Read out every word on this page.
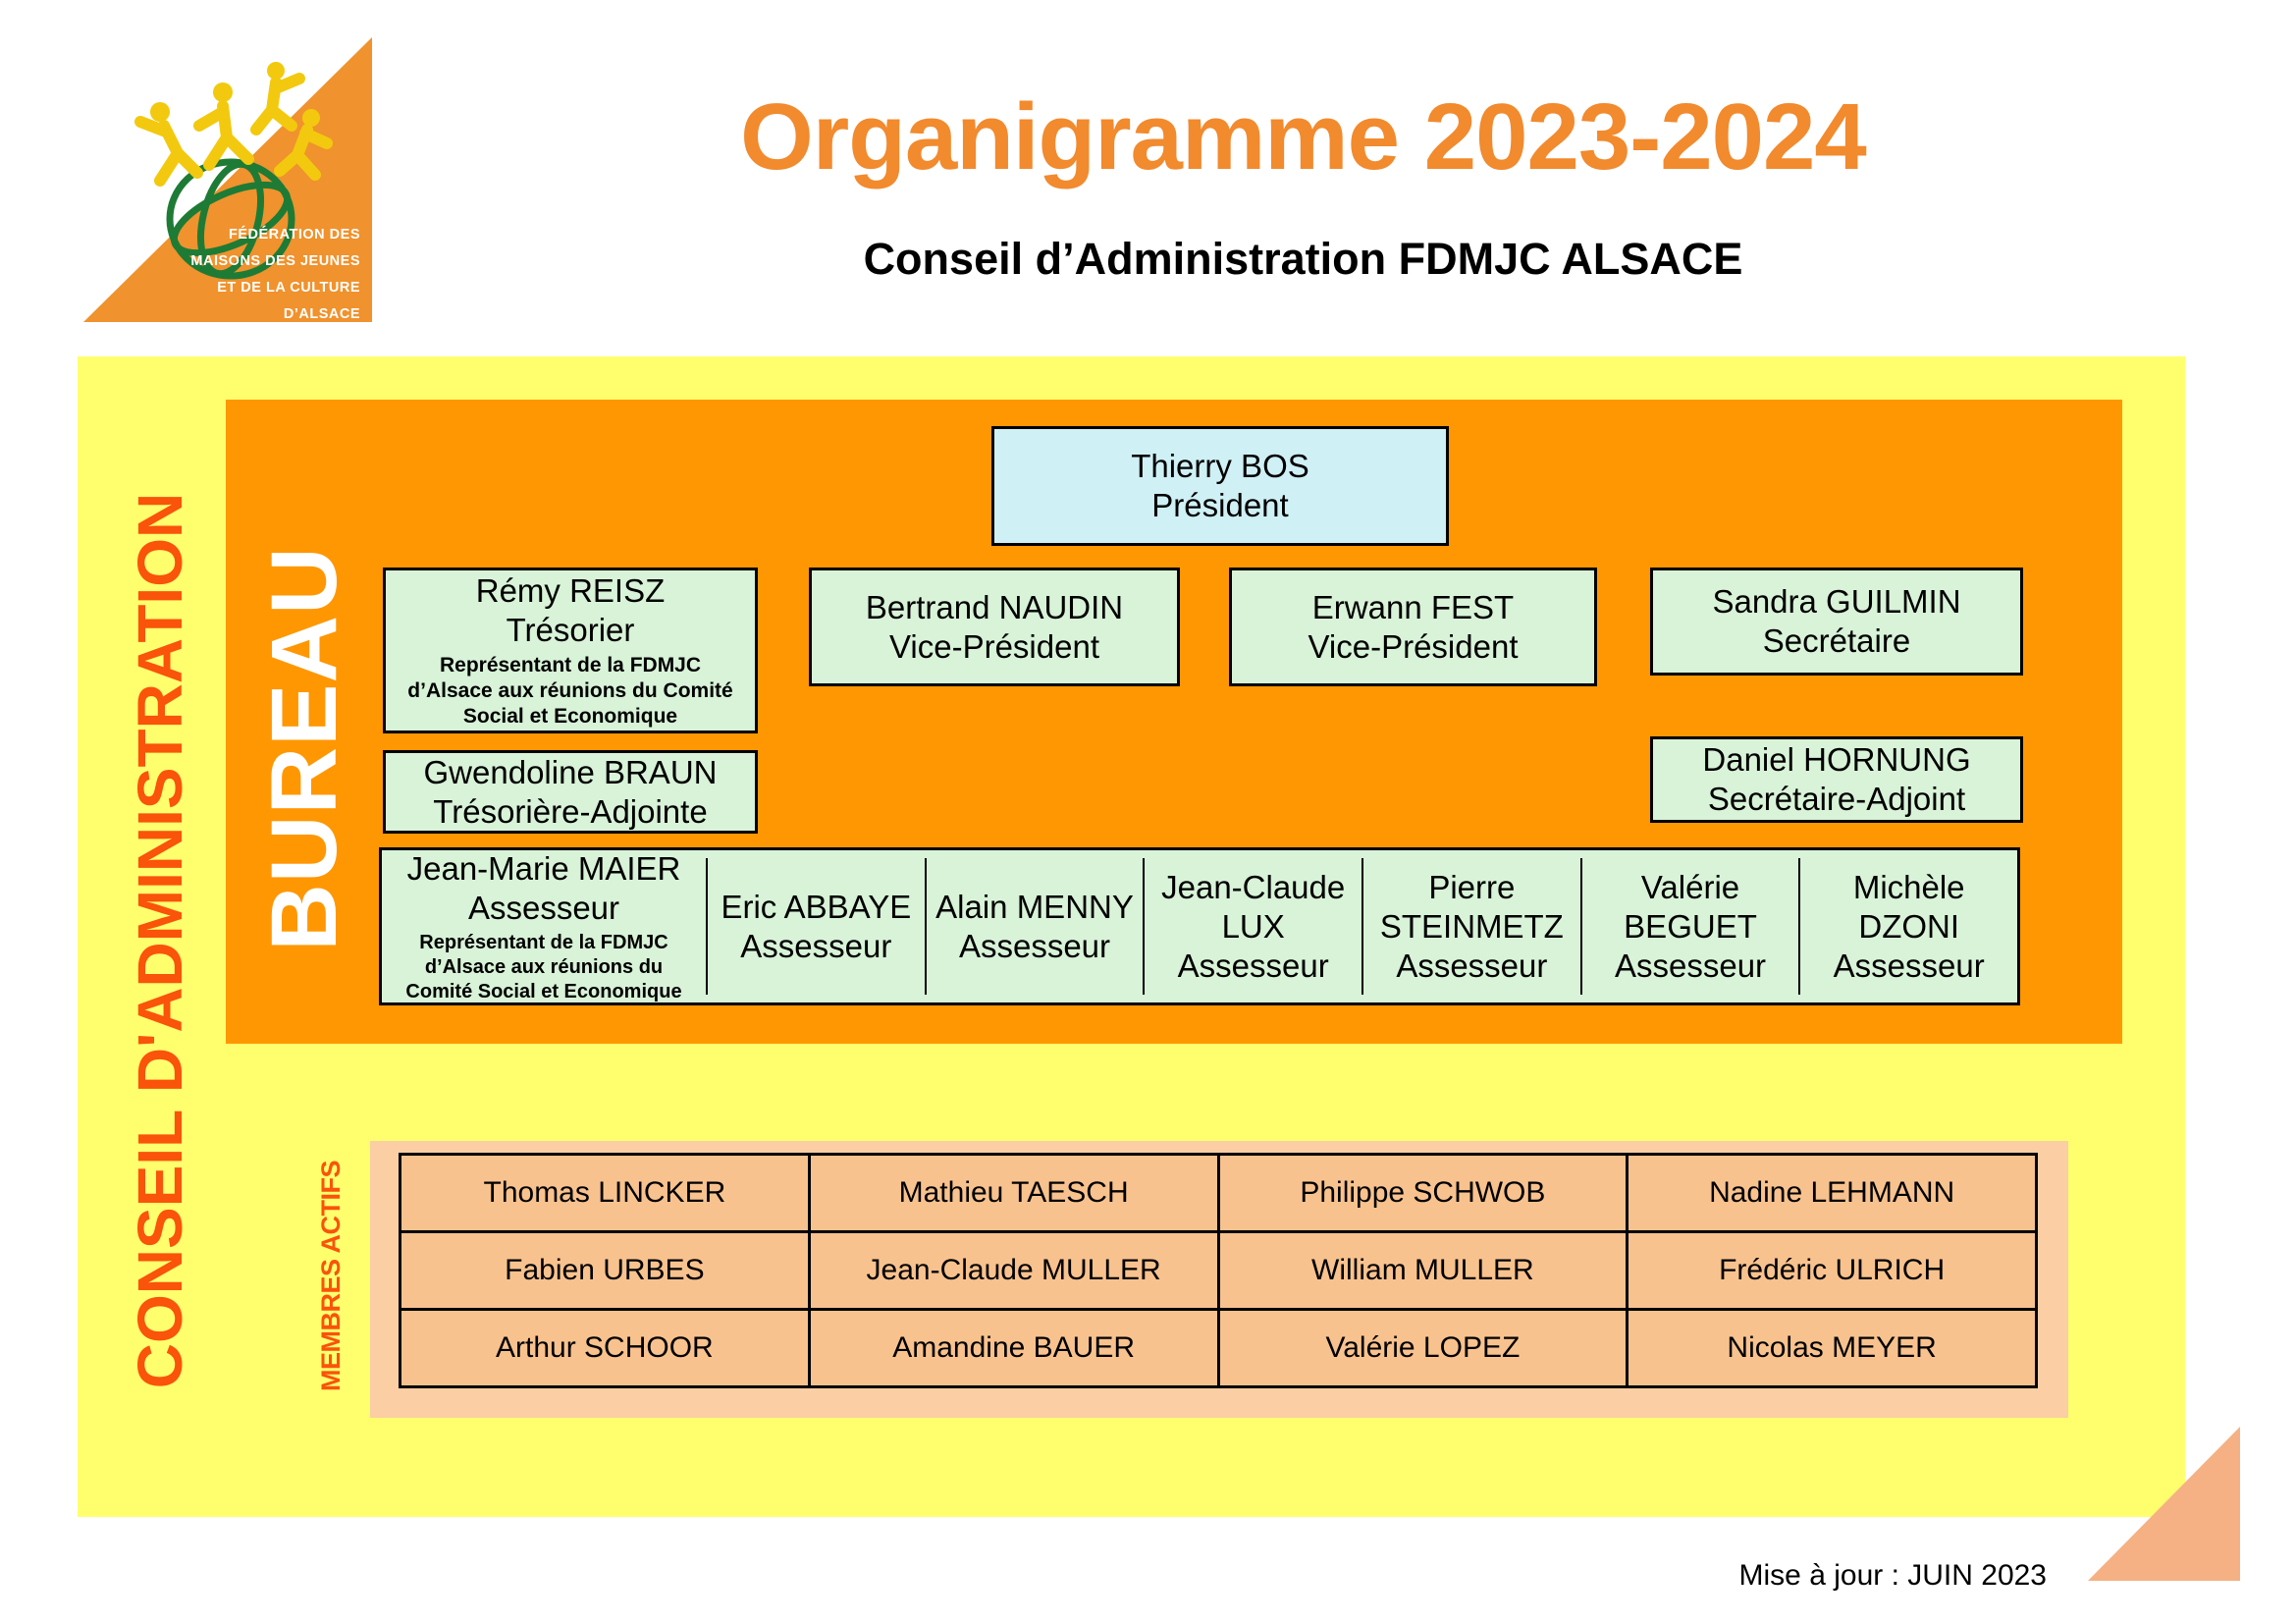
FÉDÉRATION DES
MAISONS DES JEUNES
ET DE LA CULTURE
D’ALSACE
Organigramme 2023-2024
Conseil d’Administration FDMJC ALSACE
CONSEIL D'ADMINISTRATION BUREAU
Thierry BOS
Président
Rémy REISZ
Trésorier
Représentant de la FDMJC d’Alsace aux réunions du Comité Social et Economique
Bertrand NAUDIN
Vice-Président
Erwann FEST
Vice-Président
Sandra GUILMIN
Secrétaire
Gwendoline BRAUN
Trésorière-Adjointe
Daniel HORNUNG
Secrétaire-Adjoint
Jean-Marie MAIER
Assesseur
Représentant de la FDMJC d’Alsace aux réunions du Comité Social et Economique
Eric ABBAYE
Assesseur
Alain MENNY
Assesseur
Jean-Claude LUX
Assesseur
Pierre STEINMETZ
Assesseur
Valérie BEGUET
Assesseur
Michèle DZONI
Assesseur
MEMBRES ACTIFS	Thomas LINCKER	Mathieu TAESCH	Philippe SCHWOB	Nadine LEHMANN
Fabien URBES	Jean-Claude MULLER	William MULLER	Frédéric ULRICH
Arthur SCHOOR	Amandine BAUER	Valérie LOPEZ	Nicolas MEYER
Mise à jour : JUIN 2023
